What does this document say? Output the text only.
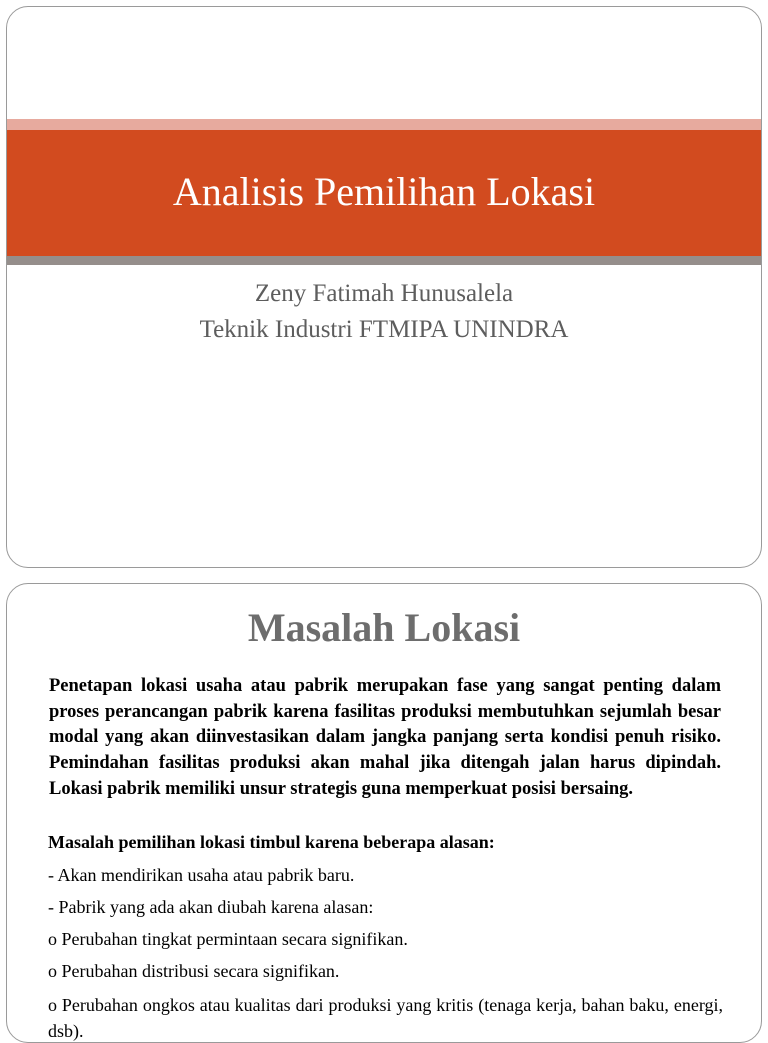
Analisis Pemilihan Lokasi
Zeny Fatimah Hunusalela
Teknik Industri FTMIPA UNINDRA
Masalah Lokasi
Penetapan lokasi usaha atau pabrik merupakan fase yang sangat penting dalam proses perancangan pabrik karena fasilitas produksi membutuhkan sejumlah besar modal yang akan diinvestasikan dalam jangka panjang serta kondisi penuh risiko. Pemindahan fasilitas produksi akan mahal jika ditengah jalan harus dipindah. Lokasi pabrik memiliki unsur strategis guna memperkuat posisi bersaing.
Masalah pemilihan lokasi timbul karena beberapa alasan:
- Akan mendirikan usaha atau pabrik baru.
- Pabrik yang ada akan diubah karena alasan:
o Perubahan tingkat permintaan secara signifikan.
o Perubahan distribusi secara signifikan.
o Perubahan ongkos atau kualitas dari produksi yang kritis (tenaga kerja, bahan baku, energi, dsb).
